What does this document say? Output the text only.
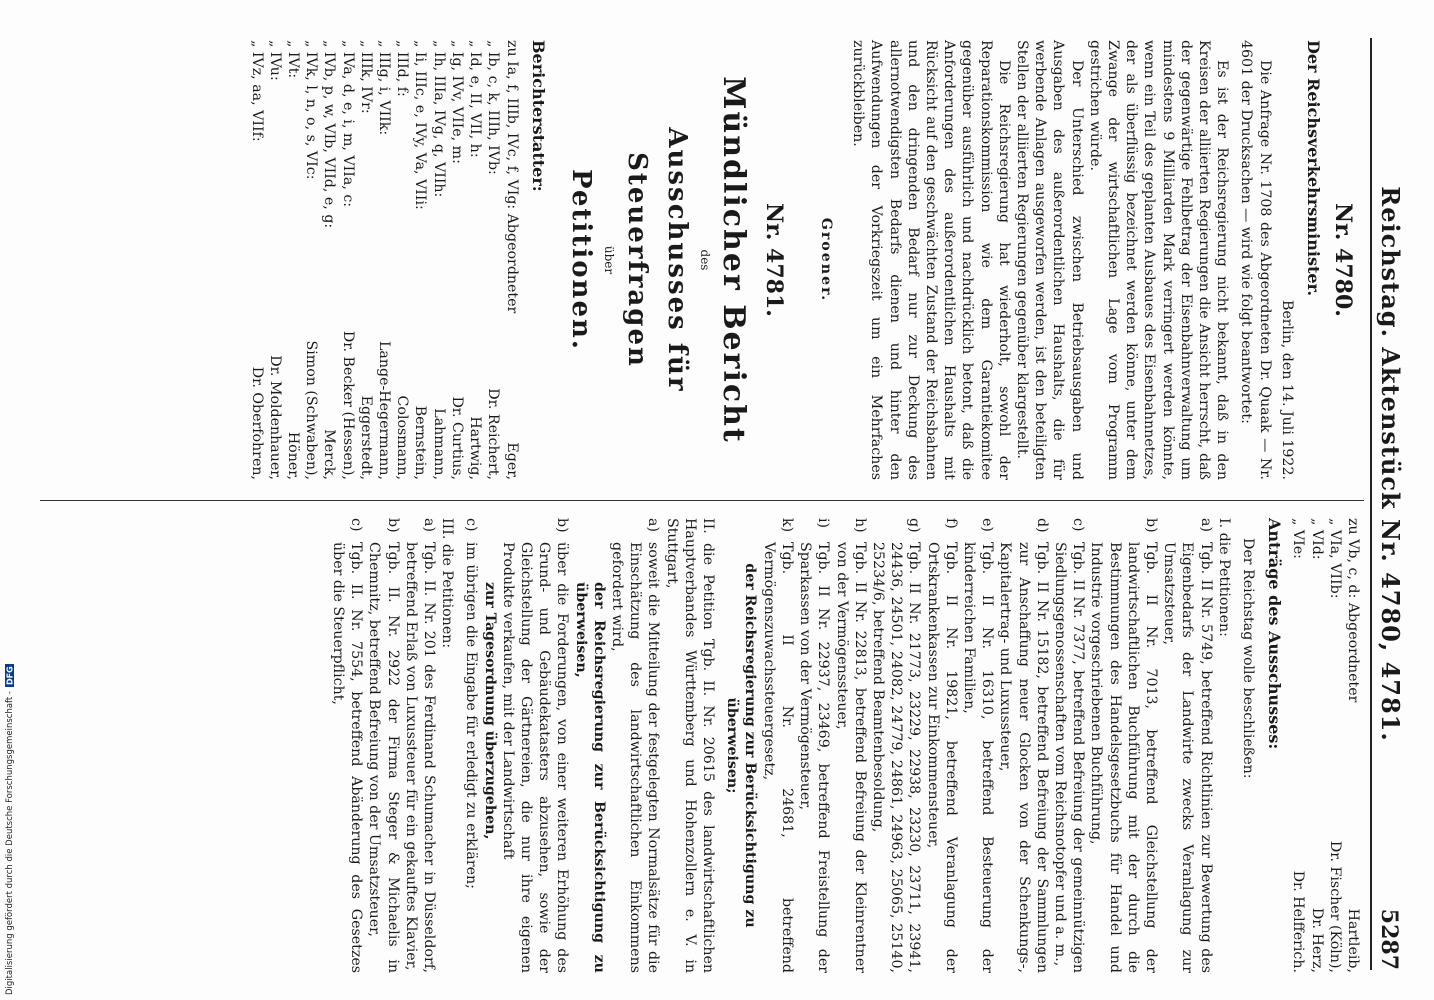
Reichstag. Aktenstück Nr. 4780, 4781.
5287
Nr. 4780.
Der Reichsverkehrsminister.
Berlin, den 14. Juli 1922.

Die Anfrage Nr. 1708 des Abgeordneten Dr. Quaak — Nr. 4601 der Drucksachen — wird wie folgt beantwortet:

Es ist der Reichsregierung nicht bekannt, daß in den Kreisen der alliierten Regierungen die Ansicht herrscht, daß der gegenwärtige Fehlbetrag der Eisenbahnverwaltung um mindestens 9 Milliarden Mark verringert werden könnte, wenn ein Teil des geplanten Ausbaues des Eisenbahnnetzes, der als überflüssig bezeichnet werden könne, unter dem Zwange der wirtschaftlichen Lage vom Programm gestrichen würde.

Der Unterschied zwischen Betriebsausgaben und Ausgaben des außerordentlichen Haushalts, die für werbende Anlagen ausgeworfen werden, ist den beteiligten Stellen der alliierten Regierungen gegenüber klargestellt.

Die Reichsregierung hat wiederholt, sowohl der Reparationskommission wie dem Garantiekomitee gegenüber ausführlich und nachdrücklich betont, daß die Anforderungen des außerordentlichen Haushalts mit Rücksicht auf den geschwächten Zustand der Reichsbahnen und den dringenden Bedarf nur zur Deckung des allernotwendigsten Bedarfs dienen und hinter den Aufwendungen der Vorkriegszeit um ein Mehrfaches zurückbleiben.

Groener.
Nr. 4781.
Mündlicher Bericht
des
Ausschusses für Steuerfragen
über
Petitionen.
Berichterstatter:
zu Ia, f, IIIb, IVc, f, VIg: Abgeordneter	Eger,
„ Ib, c, k, IIIh, IVb:	Dr. Reichert,
„ Id, e, II, VII, h:	Hartwig,
„ Ig, IVv, VIIe, m:	Dr. Curtius,
„ Ih, IIIa, IVg, q, VIIh:	Lahmann,
„ Ii, IIIc, e, IVy, Va, VIIi:	Bernstein,
„ IIId, f:	Colosmann,
„ IIIg, i, VIIk:	Lange-Hegermann,
„ IIIk, IVr:	Eggerstedt,
„ IVa, d, e, i, m, VIIa, c:	Dr. Becker (Hessen),
„ IVb, p, w, VIb, VIId, e, g:	Merck,
„ IVk, l, n, o, s, VIc:	Simon (Schwaben),
„ IVt:	Höner,
„ IVu:	Dr. Moldenhauer,
„ IVz, aa, VIIf:	Dr. Oberfohren,
zu Vb, c, d: Abgeordneter	Hartleib,
„ VIa, VIIb:	Dr. Fischer (Köln),
„ VId:	Dr. Herz,
„ VIe:	Dr. Helfferich.
Anträge des Ausschusses:

Der Reichstag wolle beschließen:

I. die Petitionen:
a)
Tgb. II Nr. 5749, betreffend Richtlinien zur Bewertung des Eigenbedarfs der Landwirte zwecks Veranlagung zur Umsatzsteuer,
b)
Tgb. II Nr. 7013, betreffend Gleichstellung der landwirtschaftlichen Buchführung mit der durch die Bestimmungen des Handelsgesetzbuchs für Handel und Industrie vorgeschriebenen Buchführung,
c)
Tgb. II Nr. 7377, betreffend Befreiung der gemeinnützigen Siedlungsgenossenschaften vom Reichsnotopfer und a. m.,
d)
Tgb. II Nr. 15182, betreffend Befreiung der Sammlungen zur Anschaffung neuer Glocken von der Schenkungs-, Kapitalertrag- und Luxussteuer,
e)
Tgb. II Nr. 16310, betreffend Besteuerung der kinderreichen Familien,
f)
Tgb. II Nr. 19821, betreffend Veranlagung der Ortskrankenkassen zur Einkommensteuer,
g)
Tgb. II Nr. 21773, 23229, 22938, 23230, 23711, 23941, 24436, 24501, 24082, 24779, 24861, 24963, 25065, 25140, 25234/6, betreffend Beamtenbesoldung,
h)
Tgb. II Nr. 22813, betreffend Befreiung der Kleinrentner von der Vermögenssteuer,
i)
Tgb. II Nr. 22937, 23469, betreffend Freistellung der Sparkassen von der Vermögensteuer,
k)
Tgb. II Nr. 24681, betreffend Vermögenszuwachssteuergesetz,
der Reichsregierung zur Berücksichtigung zu überweisen;

II. die Petition Tgb. II. Nr. 20615 des landwirtschaftlichen Hauptverbandes Württemberg und Hohenzollern e. V. in Stuttgart,

a)
soweit die Mitteilung der festgelegten Normalsätze für die Einschätzung des landwirtschaftlichen Einkommens gefordert wird,
der Reichsregierung zur Berücksichtigung zu überweisen,
b)
über die Forderungen, von einer weiteren Erhöhung des Grund- und Gebäudekatasters abzusehen, sowie der Gleichstellung der Gärtnereien, die nur ihre eigenen Produkte verkaufen, mit der Landwirtschaft
zur Tagesordnung überzugehen,
c)
im übrigen die Eingabe für erledigt zu erklären;
III. die Petitionen:
a)
Tgb. II. Nr. 201 des Ferdinand Schumacher in Düsseldorf, betreffend Erlaß von Luxussteuer für ein gekauftes Klavier,
b)
Tgb. II. Nr. 2922 der Firma Steger & Michaelis in Chemnitz, betreffend Befreiung von der Umsatzsteuer,
c)
Tgb. II. Nr. 7554, betreffend Abänderung des Gesetzes über die Steuerpflicht,
Digitalisierung gefördert durch die Deutsche Forschungsgemeinschaft -
DFG
